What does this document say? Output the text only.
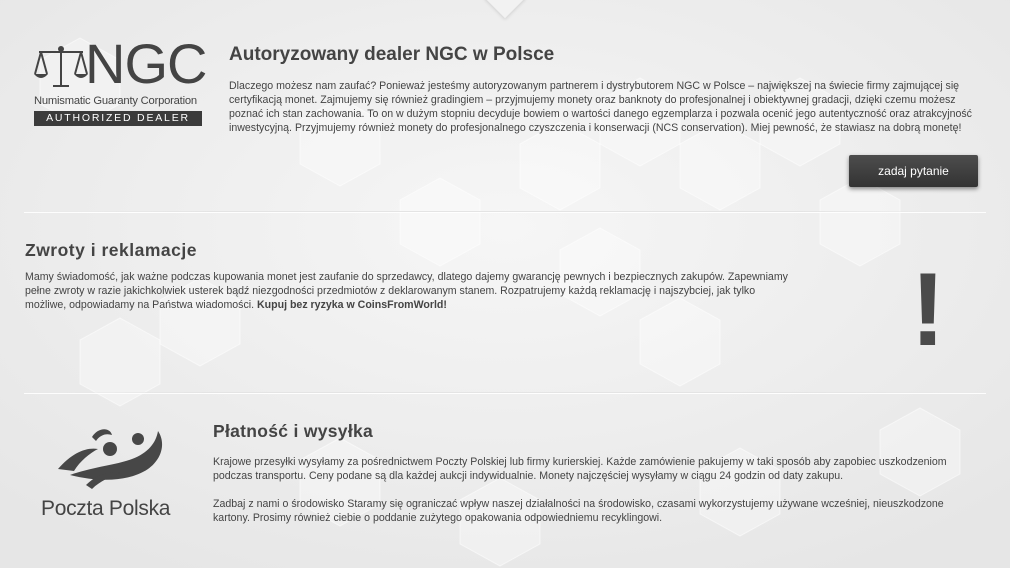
NGC
Numismatic Guaranty Corporation
AUTHORIZED DEALER
Autoryzowany dealer NGC w Polsce

Dlaczego możesz nam zaufać? Ponieważ jesteśmy autoryzowanym partnerem i dystrybutorem NGC w Polsce – największej na świecie firmy zajmującej się certyfikacją monet. Zajmujemy się również gradingiem – przyjmujemy monety oraz banknoty do profesjonalnej i obiektywnej gradacji, dzięki czemu możesz poznać ich stan zachowania. To on w dużym stopniu decyduje bowiem o wartości danego egzemplarza i pozwala ocenić jego autentyczność oraz atrakcyjność inwestycyjną. Przyjmujemy również monety do profesjonalnego czyszczenia i konserwacji (NCS conservation). Miej pewność, że stawiasz na dobrą monetę!

zadaj pytanie
Zwroty i reklamacje

Mamy świadomość, jak ważne podczas kupowania monet jest zaufanie do sprzedawcy, dlatego dajemy gwarancję pewnych i bezpiecznych zakupów. Zapewniamy pełne zwroty w razie jakichkolwiek usterek bądź niezgodności przedmiotów z deklarowanym stanem. Rozpatrujemy każdą reklamację i najszybciej, jak tylko możliwe, odpowiadamy na Państwa wiadomości. Kupuj bez ryzyka w CoinsFromWorld!	!
Poczta Polska
Płatność i wysyłka

Krajowe przesyłki wysyłamy za pośrednictwem Poczty Polskiej lub firmy kurierskiej. Każde zamówienie pakujemy w taki sposób aby zapobiec uszkodzeniom podczas transportu. Ceny podane są dla każdej aukcji indywidualnie. Monety najczęściej wysyłamy w ciągu 24 godzin od daty zakupu.

Zadbaj z nami o środowisko Staramy się ograniczać wpływ naszej działalności na środowisko, czasami wykorzystujemy używane wcześniej, nieuszkodzone kartony. Prosimy również ciebie o poddanie zużytego opakowania odpowiedniemu recyklingowi.
